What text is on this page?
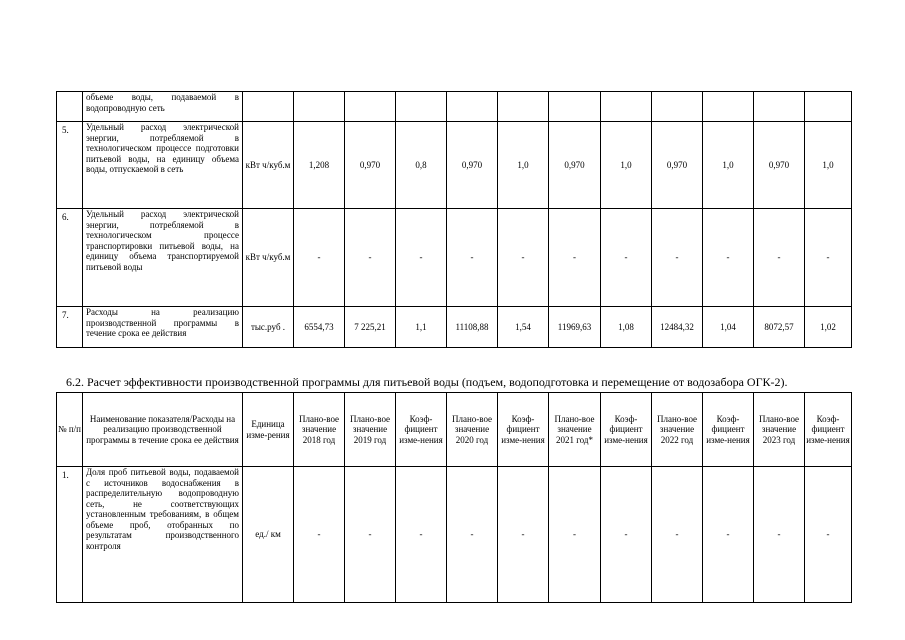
	объеме воды, подаваемой в водопроводную сеть												
5.	Удельный расход электрической энергии, потребляемой в технологическом процессе подготовки питьевой воды, на единицу объема воды, отпускаемой в сеть	кВт ч/куб.м	1,208	0,970	0,8	0,970	1,0	0,970	1,0	0,970	1,0	0,970	1,0
6.	Удельный расход электрической энергии, потребляемой в технологическом процессе транспортировки питьевой воды, на единицу объема транспортируемой питьевой воды	кВт ч/куб.м	-	-	-	-	-	-	-	-	-	-	-
7.	Расходы на реализацию производственной программы в течение срока ее действия	тыс.руб .	6554,73	7 225,21	1,1	11108,88	1,54	11969,63	1,08	12484,32	1,04	8072,57	1,02

6.2. Расчет эффективности производственной программы для питьевой воды (подъем, водоподготовка и перемещение от водозабора ОГК-2).

№ п/п	Наименование показателя/Расходы на реализацию производственной программы в течение срока ее действия	Единица изме-рения	Плано-вое значение 2018 год	Плано-вое значение 2019 год	Коэф-фициент изме-нения	Плано-вое значение 2020 год	Коэф-фициент изме-нения	Плано-вое значение 2021 год*	Коэф-фициент изме-нения	Плано-вое значение 2022 год	Коэф-фициент изме-нения	Плано-вое значение 2023 год	Коэф-фициент изме-нения
1.	Доля проб питьевой воды, подаваемой с источников водоснабжения в распределительную водопроводную сеть, не соответствующих установленным требованиям, в общем объеме проб, отобранных по результатам производственного контроля	ед./ км	-	-	-	-	-	-	-	-	-	-	-
